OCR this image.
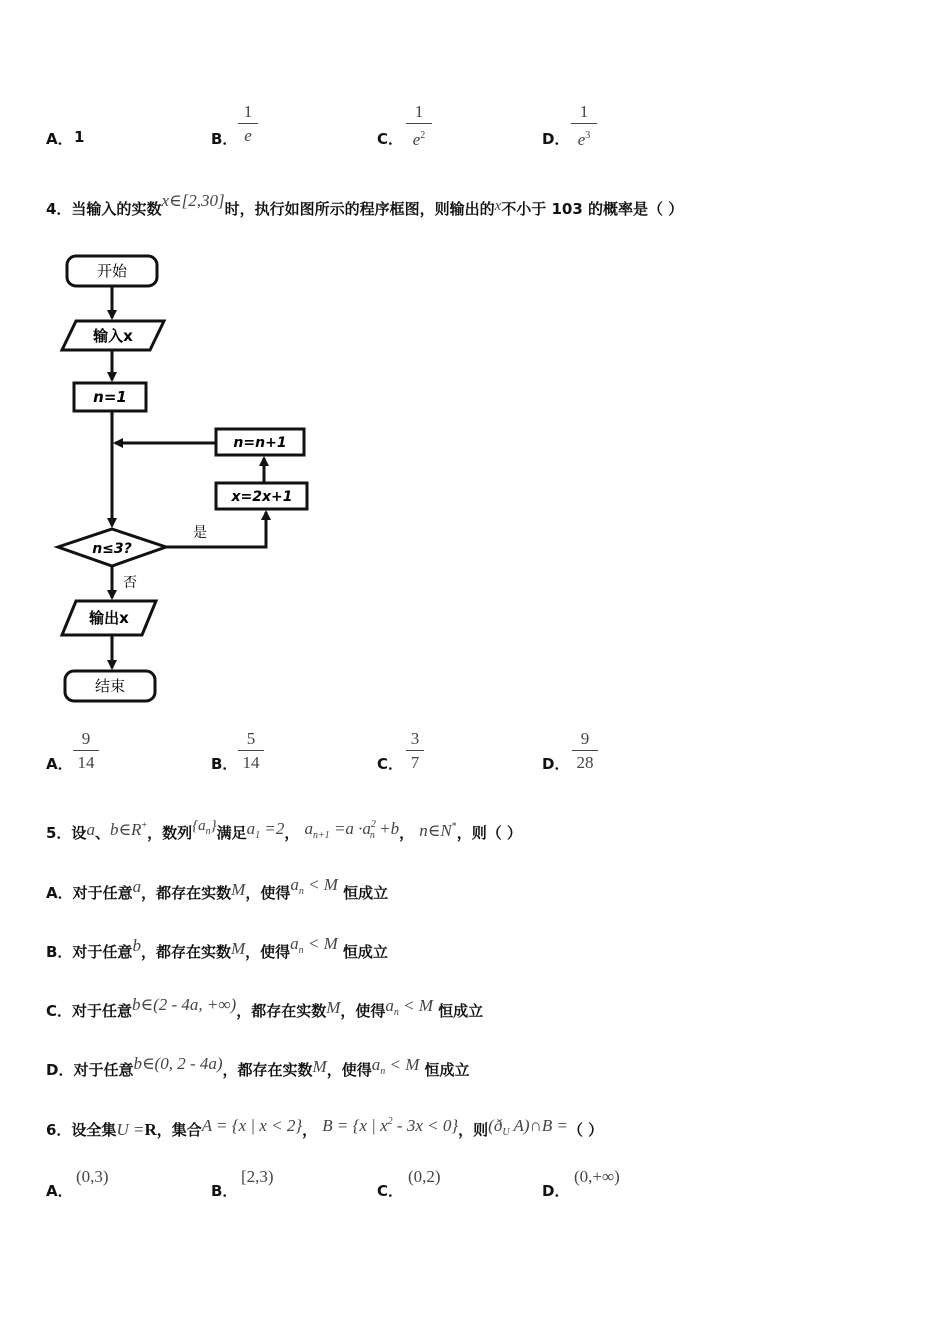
A． 1	B．
1
e	C．
1
$e^2$	D．
1
$e^3$
4．当输入的实数x∈[2,30]时，执行如图所示的程序框图，则输出的x不小于 103 的概率是（ ）
开始
输入x
n=1
n=n+1
x=2x+1
n≤3?
是
否
输出x
结束
A．
9
14	B．
5
14	C．
3
7	D．
9
28
5．设a、b∈R+，数列$\{a_n\}$满足$a_1 =2$， $a_{n+1} =a \cdot a^2_n +b$， n∈N*，则（ ）
A．对于任意a，都存在实数M，使得$a_n < M$ 恒成立
B．对于任意b，都存在实数M，使得$a_n < M$ 恒成立
C．对于任意b∈(2 - 4a, +∞)，都存在实数M，使得$a_n < M$ 恒成立
D．对于任意b∈(0, 2 - 4a)，都存在实数M，使得$a_n < M$ 恒成立
6．设全集U =R，集合A = {x | x < 2}， B = {x | $x^2 - 3x < 0$}，则($ð_U$ A)∩B =（ ）
A．
(0,3)
B．
[2,3)
C．
(0,2)
D．
(0,+∞)
